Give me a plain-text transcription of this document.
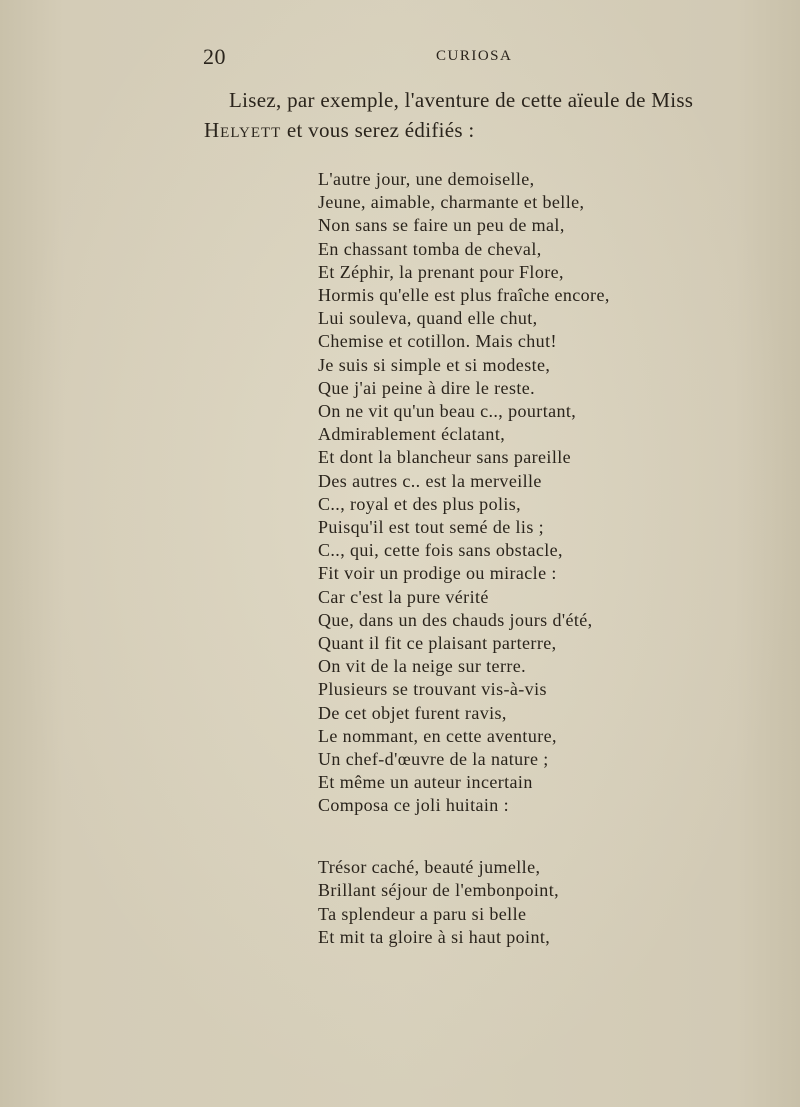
20	CURIOSA
Lisez, par exemple, l'aventure de cette aïeule de Miss
Helyett et vous serez édifiés :
L'autre jour, une demoiselle,
Jeune, aimable, charmante et belle,
Non sans se faire un peu de mal,
En chassant tomba de cheval,
Et Zéphir, la prenant pour Flore,
Hormis qu'elle est plus fraîche encore,
Lui souleva, quand elle chut,
Chemise et cotillon. Mais chut!
Je suis si simple et si modeste,
Que j'ai peine à dire le reste.
On ne vit qu'un beau c.., pourtant,
Admirablement éclatant,
Et dont la blancheur sans pareille
Des autres c.. est la merveille
C.., royal et des plus polis,
Puisqu'il est tout semé de lis ;
C.., qui, cette fois sans obstacle,
Fit voir un prodige ou miracle :
Car c'est la pure vérité
Que, dans un des chauds jours d'été,
Quant il fit ce plaisant parterre,
On vit de la neige sur terre.
Plusieurs se trouvant vis-à-vis
De cet objet furent ravis,
Le nommant, en cette aventure,
Un chef-d'œuvre de la nature ;
Et même un auteur incertain
Composa ce joli huitain :
Trésor caché, beauté jumelle,
Brillant séjour de l'embonpoint,
Ta splendeur a paru si belle
Et mit ta gloire à si haut point,
